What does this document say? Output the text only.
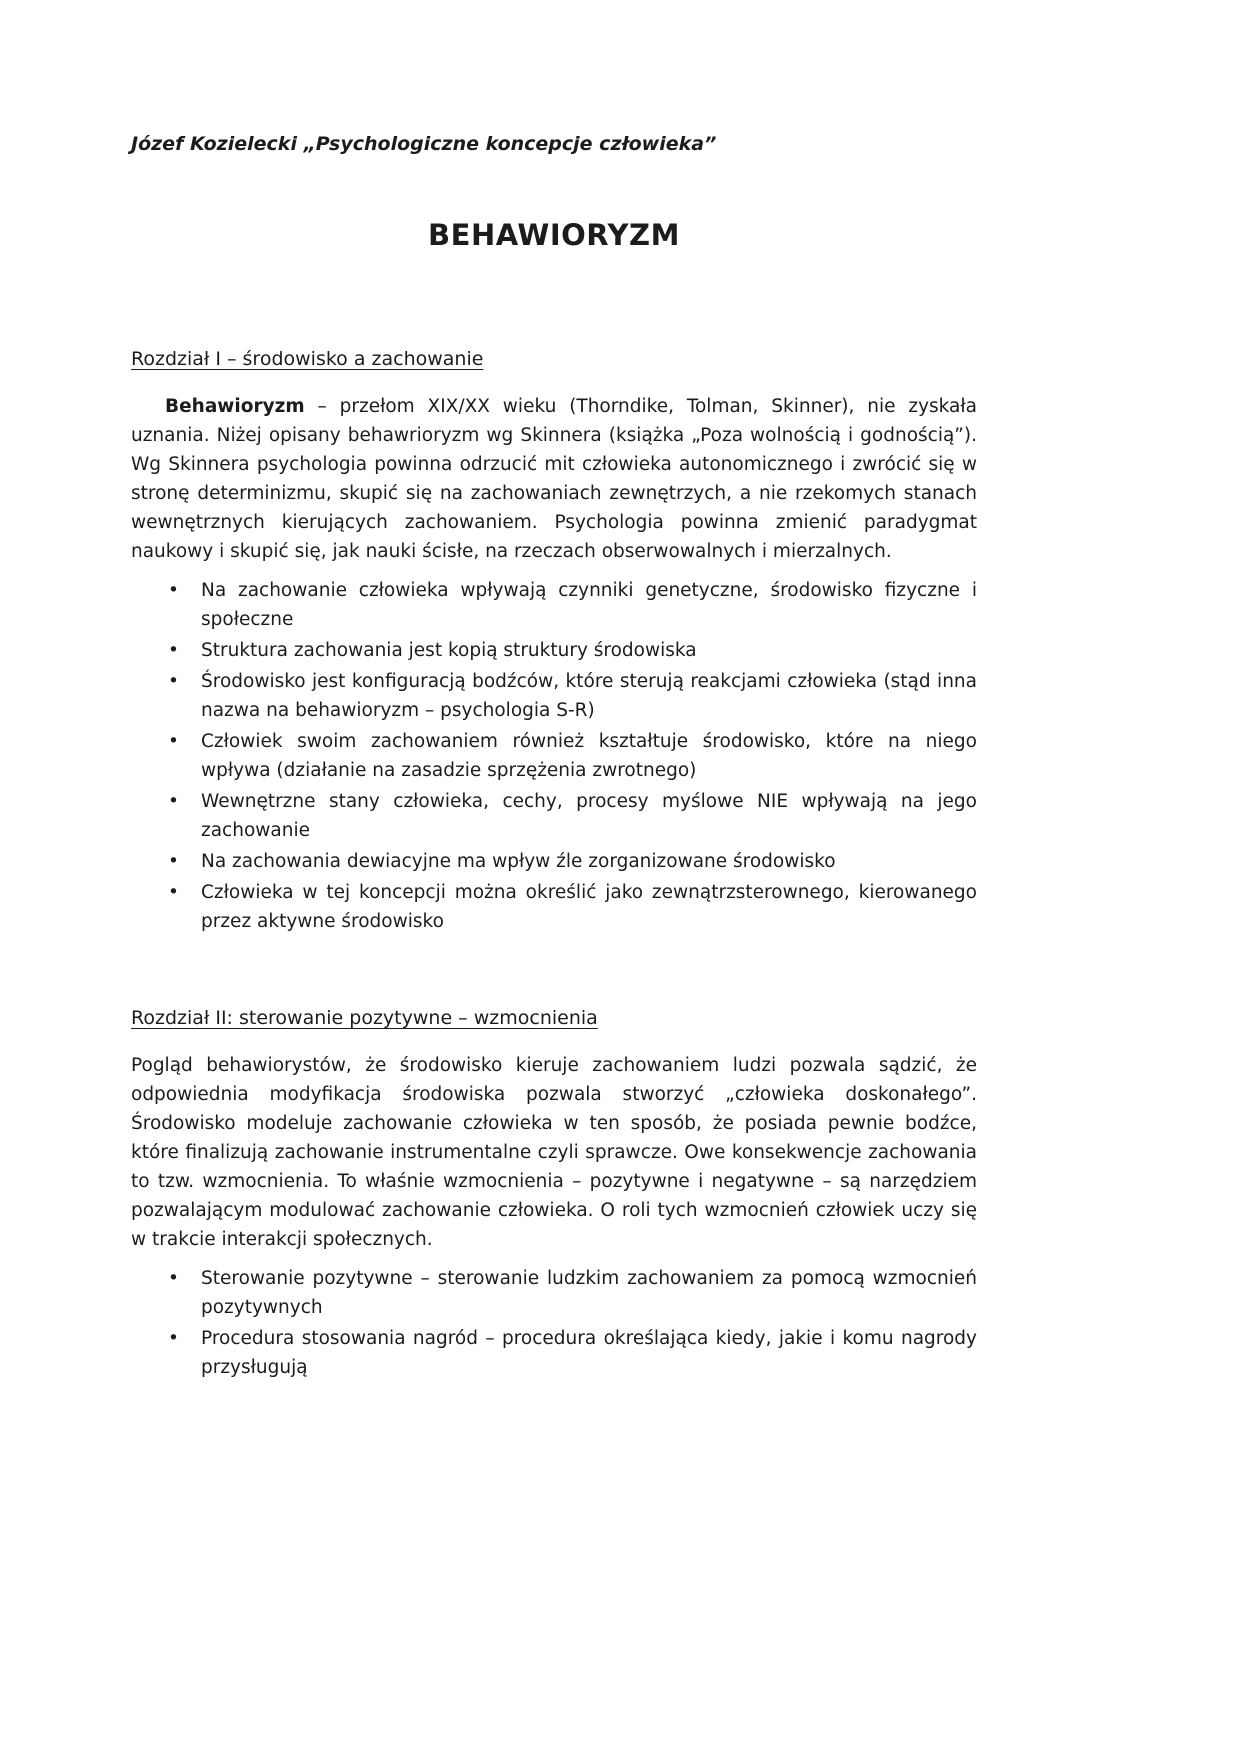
Józef Kozielecki „Psychologiczne koncepcje człowieka”
BEHAWIORYZM
Rozdział I – środowisko a zachowanie

Behawioryzm – przełom XIX/XX wieku (Thorndike, Tolman, Skinner), nie zyskała uznania. Niżej opisany behawrioryzm wg Skinnera (książka „Poza wolnością i godnością”). Wg Skinnera psychologia powinna odrzucić mit człowieka autonomicznego i zwrócić się w stronę determinizmu, skupić się na zachowaniach zewnętrzych, a nie rzekomych stanach wewnętrznych kierujących zachowaniem. Psychologia powinna zmienić paradygmat naukowy i skupić się, jak nauki ścisłe, na rzeczach obserwowalnych i mierzalnych.

• Na zachowanie człowieka wpływają czynniki genetyczne, środowisko fizyczne i społeczne
• Struktura zachowania jest kopią struktury środowiska
• Środowisko jest konfiguracją bodźców, które sterują reakcjami człowieka (stąd inna nazwa na behawioryzm – psychologia S-R)
• Człowiek swoim zachowaniem również kształtuje środowisko, które na niego wpływa (działanie na zasadzie sprzężenia zwrotnego)
• Wewnętrzne stany człowieka, cechy, procesy myślowe NIE wpływają na jego zachowanie
• Na zachowania dewiacyjne ma wpływ źle zorganizowane środowisko
• Człowieka w tej koncepcji można określić jako zewnątrzsterownego, kierowanego przez aktywne środowisko
Rozdział II: sterowanie pozytywne – wzmocnienia

Pogląd behawiorystów, że środowisko kieruje zachowaniem ludzi pozwala sądzić, że odpowiednia modyfikacja środowiska pozwala stworzyć „człowieka doskonałego”. Środowisko modeluje zachowanie człowieka w ten sposób, że posiada pewnie bodźce, które finalizują zachowanie instrumentalne czyli sprawcze. Owe konsekwencje zachowania to tzw. wzmocnienia. To właśnie wzmocnienia – pozytywne i negatywne – są narzędziem pozwalającym modulować zachowanie człowieka. O roli tych wzmocnień człowiek uczy się w trakcie interakcji społecznych.

• Sterowanie pozytywne – sterowanie ludzkim zachowaniem za pomocą wzmocnień pozytywnych
• Procedura stosowania nagród – procedura określająca kiedy, jakie i komu nagrody przysługują
